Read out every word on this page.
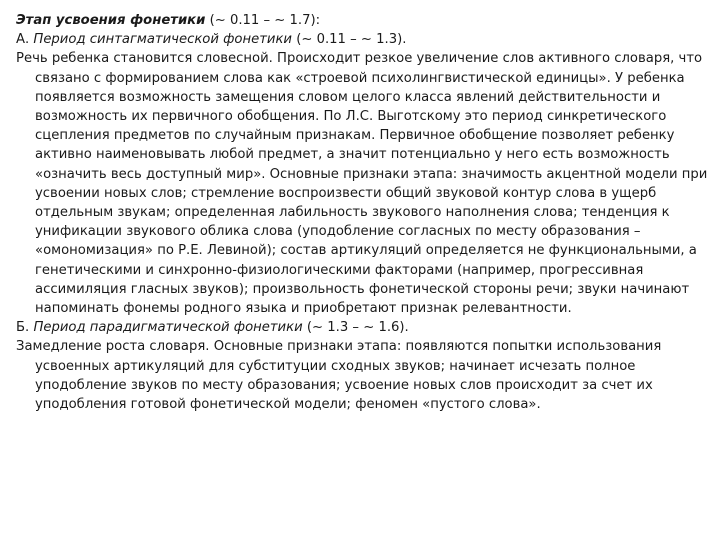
Этап усвоения фонетики (~ 0.11 – ~ 1.7):

А. Период синтагматической фонетики (~ 0.11 – ~ 1.3).

Речь ребенка становится словесной. Происходит резкое увеличение слов активного словаря, что связано с формированием слова как «строевой психолингвистической единицы». У ребенка появляется возможность замещения словом целого класса явлений действительности и возможность их первичного обобщения. По Л.С. Выготскому это период синкретического сцепления предметов по случайным признакам. Первичное обобщение позволяет ребенку активно наименовывать любой предмет, а значит потенциально у него есть возможность «означить весь доступный мир». Основные признаки этапа: значимость акцентной модели при усвоении новых слов; стремление воспроизвести общий звуковой контур слова в ущерб отдельным звукам; определенная лабильность звукового наполнения слова; тенденция к унификации звукового облика слова (уподобление согласных по месту образования – «омономизация» по Р.Е. Левиной); состав артикуляций определяется не функциональными, а генетическими и синхронно-физиологическими факторами (например, прогрессивная ассимиляция гласных звуков); произвольность фонетической стороны речи; звуки начинают напоминать фонемы родного языка и приобретают признак релевантности.

Б. Период парадигматической фонетики (~ 1.3 – ~ 1.6).

Замедление роста словаря. Основные признаки этапа: появляются попытки использования усвоенных артикуляций для субституции сходных звуков; начинает исчезать полное уподобление звуков по месту образования; усвоение новых слов происходит за счет их уподобления готовой фонетической модели; феномен «пустого слова».
